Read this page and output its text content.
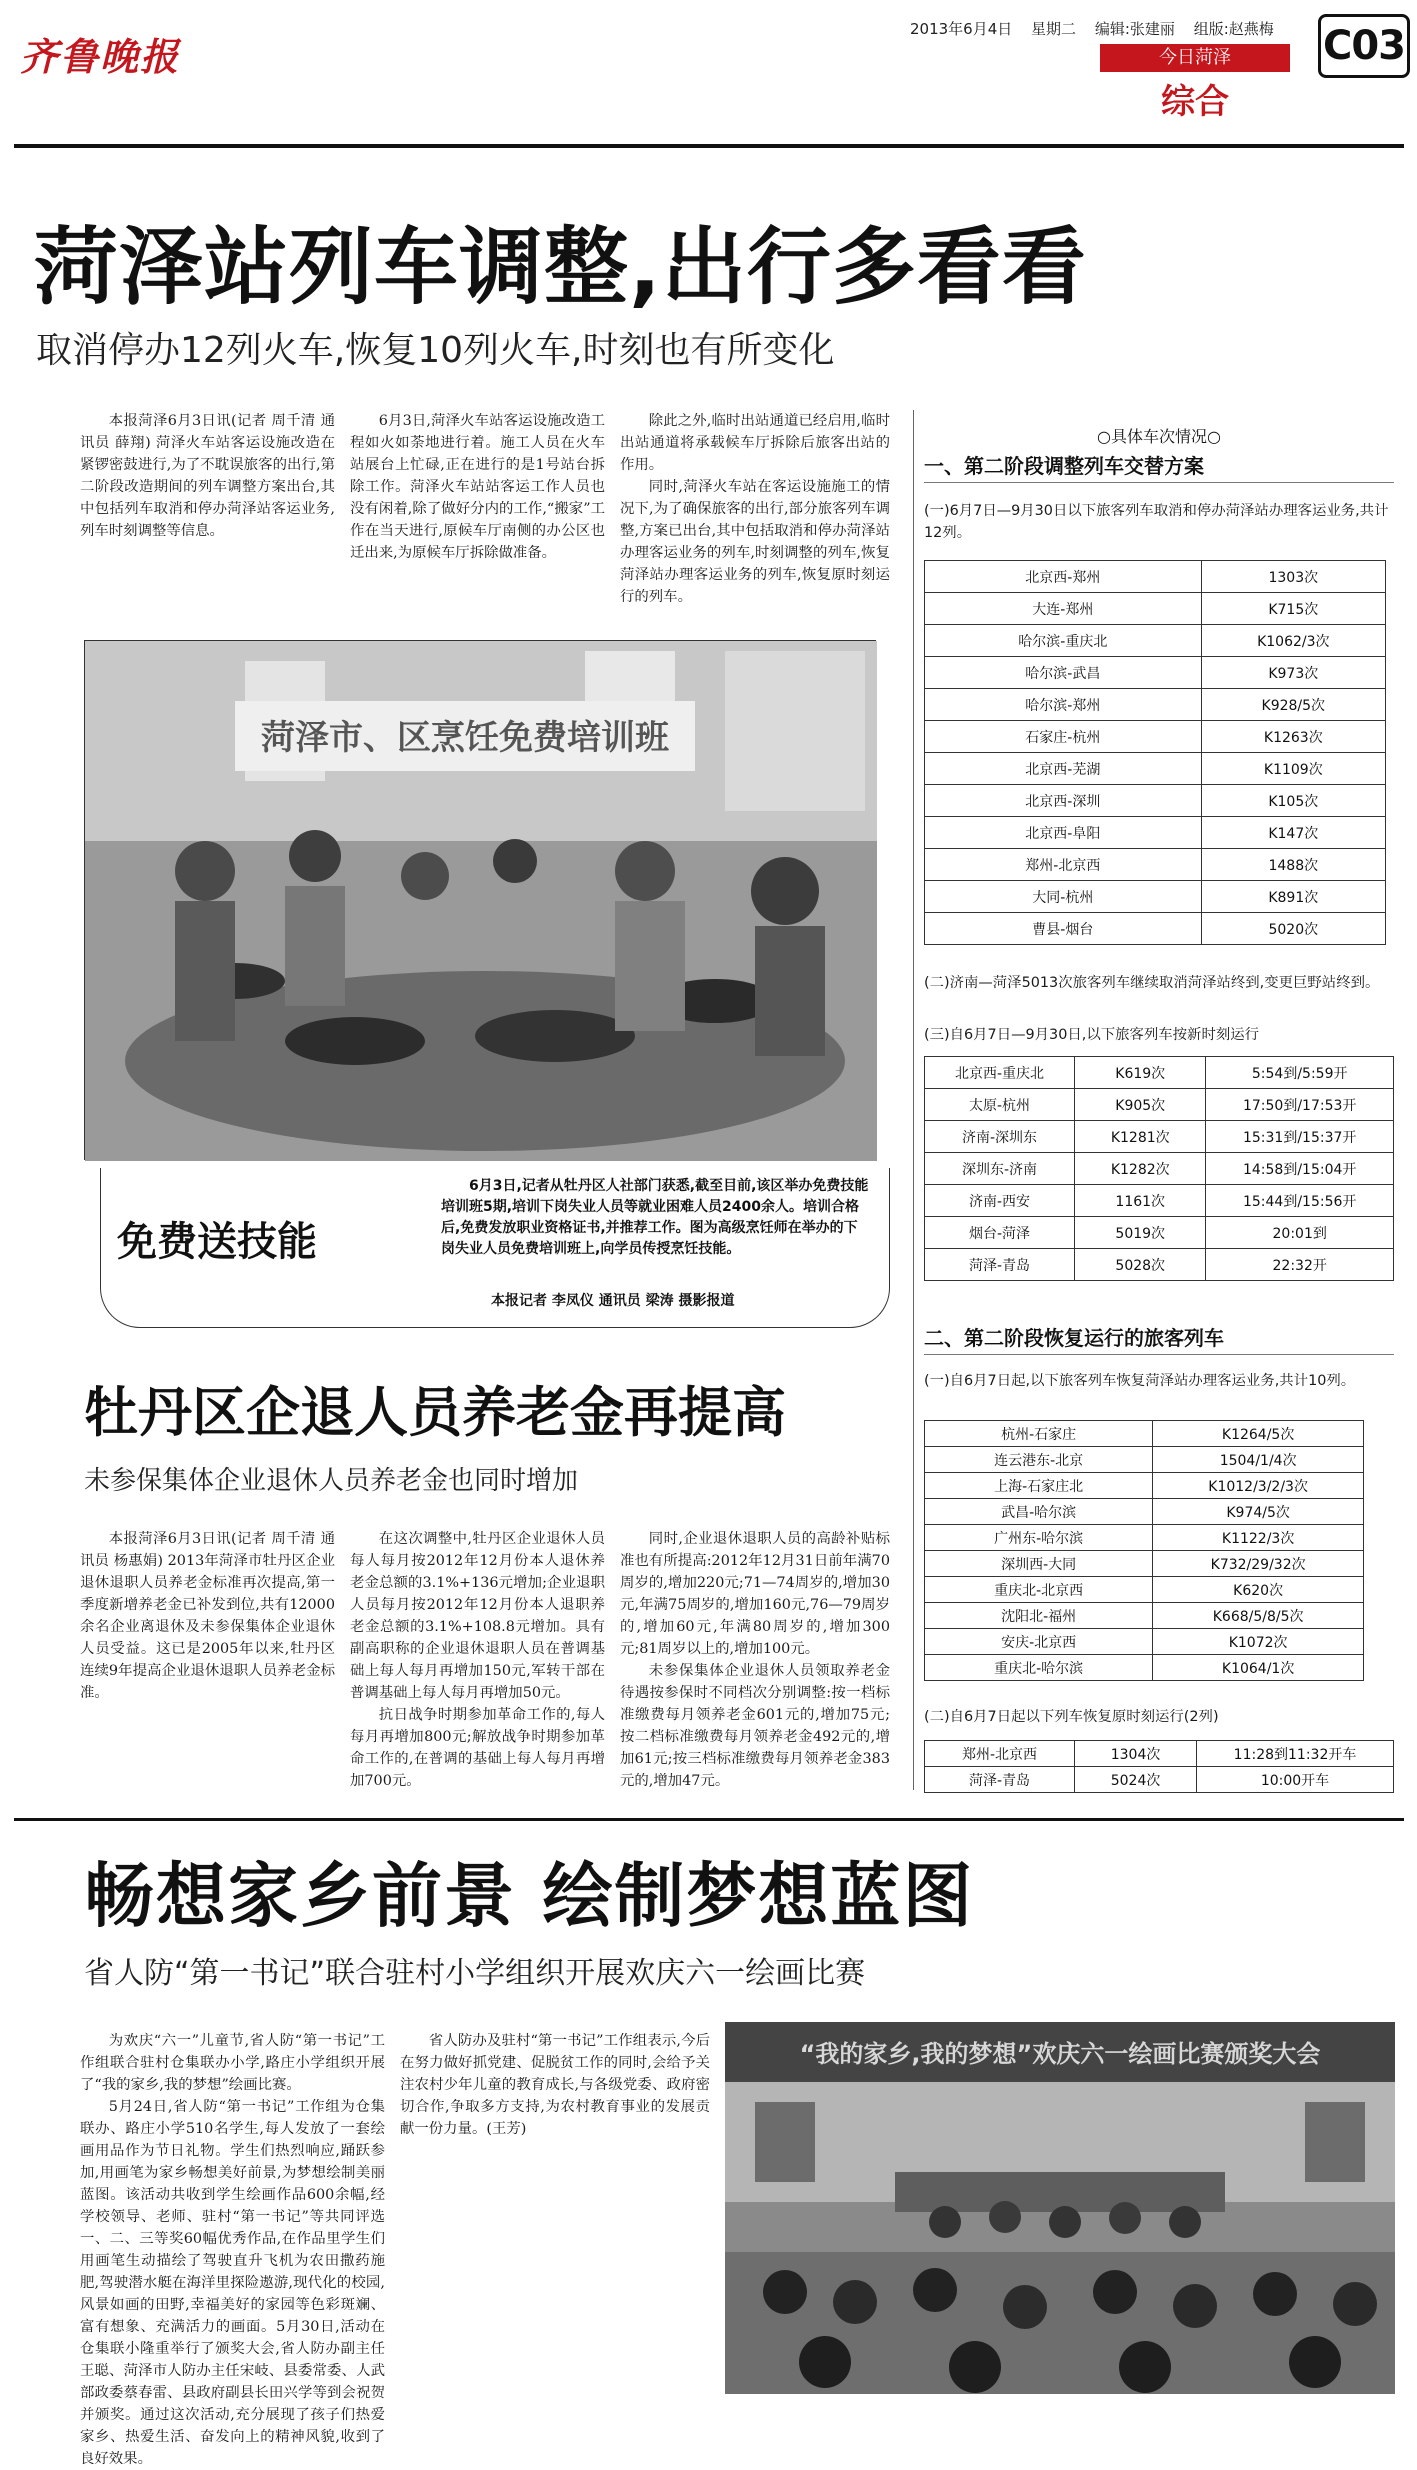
齐鲁晚报
2013年6月4日 星期二 编辑:张建丽 组版:赵燕梅
今日菏泽
综合
C03
菏泽站列车调整,出行多看看
取消停办12列火车,恢复10列火车,时刻也有所变化

本报菏泽6月3日讯(记者 周千清 通讯员 薛翔) 菏泽火车站客运设施改造在紧锣密鼓进行,为了不耽误旅客的出行,第二阶段改造期间的列车调整方案出台,其中包括列车取消和停办菏泽站客运业务,列车时刻调整等信息。

6月3日,菏泽火车站客运设施改造工程如火如荼地进行着。施工人员在火车站展台上忙碌,正在进行的是1号站台拆除工作。菏泽火车站站客运工作人员也没有闲着,除了做好分内的工作,“搬家”工作在当天进行,原候车厅南侧的办公区也迁出来,为原候车厅拆除做准备。

除此之外,临时出站通道已经启用,临时出站通道将承载候车厅拆除后旅客出站的作用。

同时,菏泽火车站在客运设施施工的情况下,为了确保旅客的出行,部分旅客列车调整,方案已出台,其中包括取消和停办菏泽站办理客运业务的列车,时刻调整的列车,恢复菏泽站办理客运业务的列车,恢复原时刻运行的列车。

菏泽市、区烹饪免费培训班
免费送技能
6月3日,记者从牡丹区人社部门获悉,截至目前,该区举办免费技能培训班5期,培训下岗失业人员等就业困难人员2400余人。培训合格后,免费发放职业资格证书,并推荐工作。图为高级烹饪师在举办的下岗失业人员免费培训班上,向学员传授烹饪技能。
本报记者 李凤仪 通讯员 梁涛 摄影报道
○具体车次情况○
一、第二阶段调整列车交替方案
(一)6月7日—9月30日以下旅客列车取消和停办菏泽站办理客运业务,共计12列。
北京西-郑州	1303次
大连-郑州	K715次
哈尔滨-重庆北	K1062/3次
哈尔滨-武昌	K973次
哈尔滨-郑州	K928/5次
石家庄-杭州	K1263次
北京西-芜湖	K1109次
北京西-深圳	K105次
北京西-阜阳	K147次
郑州-北京西	1488次
大同-杭州	K891次
曹县-烟台	5020次
(二)济南—菏泽5013次旅客列车继续取消菏泽站终到,变更巨野站终到。
(三)自6月7日—9月30日,以下旅客列车按新时刻运行
北京西-重庆北	K619次	5:54到/5:59开
太原-杭州	K905次	17:50到/17:53开
济南-深圳东	K1281次	15:31到/15:37开
深圳东-济南	K1282次	14:58到/15:04开
济南-西安	1161次	15:44到/15:56开
烟台-菏泽	5019次	20:01到
菏泽-青岛	5028次	22:32开
二、第二阶段恢复运行的旅客列车
(一)自6月7日起,以下旅客列车恢复菏泽站办理客运业务,共计10列。
杭州-石家庄	K1264/5次
连云港东-北京	1504/1/4次
上海-石家庄北	K1012/3/2/3次
武昌-哈尔滨	K974/5次
广州东-哈尔滨	K1122/3次
深圳西-大同	K732/29/32次
重庆北-北京西	K620次
沈阳北-福州	K668/5/8/5次
安庆-北京西	K1072次
重庆北-哈尔滨	K1064/1次
(二)自6月7日起以下列车恢复原时刻运行(2列)
郑州-北京西	1304次	11:28到11:32开车
菏泽-青岛	5024次	10:00开车
牡丹区企退人员养老金再提高
未参保集体企业退休人员养老金也同时增加

本报菏泽6月3日讯(记者 周千清 通讯员 杨惠娟) 2013年菏泽市牡丹区企业退休退职人员养老金标准再次提高,第一季度新增养老金已补发到位,共有12000余名企业离退休及未参保集体企业退休人员受益。这已是2005年以来,牡丹区连续9年提高企业退休退职人员养老金标准。

在这次调整中,牡丹区企业退休人员每人每月按2012年12月份本人退休养老金总额的3.1%+136元增加;企业退职人员每月按2012年12月份本人退职养老金总额的3.1%+108.8元增加。具有副高职称的企业退休退职人员在普调基础上每人每月再增加150元,军转干部在普调基础上每人每月再增加50元。

抗日战争时期参加革命工作的,每人每月再增加800元;解放战争时期参加革命工作的,在普调的基础上每人每月再增加700元。

同时,企业退休退职人员的高龄补贴标准也有所提高:2012年12月31日前年满70周岁的,增加220元;71—74周岁的,增加30元,年满75周岁的,增加160元,76—79周岁的,增加60元,年满80周岁的,增加300元;81周岁以上的,增加100元。

未参保集体企业退休人员领取养老金待遇按参保时不同档次分别调整:按一档标准缴费每月领养老金601元的,增加75元;按二档标准缴费每月领养老金492元的,增加61元;按三档标准缴费每月领养老金383元的,增加47元。

畅想家乡前景 绘制梦想蓝图
省人防“第一书记”联合驻村小学组织开展欢庆六一绘画比赛

为欢庆“六一”儿童节,省人防“第一书记”工作组联合驻村仓集联办小学,路庄小学组织开展了“我的家乡,我的梦想”绘画比赛。

5月24日,省人防“第一书记”工作组为仓集联办、路庄小学510名学生,每人发放了一套绘画用品作为节日礼物。学生们热烈响应,踊跃参加,用画笔为家乡畅想美好前景,为梦想绘制美丽蓝图。该活动共收到学生绘画作品600余幅,经学校领导、老师、驻村“第一书记”等共同评选一、二、三等奖60幅优秀作品,在作品里学生们用画笔生动描绘了驾驶直升飞机为农田撒药施肥,驾驶潜水艇在海洋里探险遨游,现代化的校园,风景如画的田野,幸福美好的家园等色彩斑斓、富有想象、充满活力的画面。5月30日,活动在仓集联小隆重举行了颁奖大会,省人防办副主任王聪、菏泽市人防办主任宋岐、县委常委、人武部政委蔡春雷、县政府副县长田兴学等到会祝贺并颁奖。通过这次活动,充分展现了孩子们热爱家乡、热爱生活、奋发向上的精神风貌,收到了良好效果。

省人防办及驻村“第一书记”工作组表示,今后在努力做好抓党建、促脱贫工作的同时,会给予关注农村少年儿童的教育成长,与各级党委、政府密切合作,争取多方支持,为农村教育事业的发展贡献一份力量。(王芳)

“我的家乡,我的梦想”欢庆六一绘画比赛颁奖大会
